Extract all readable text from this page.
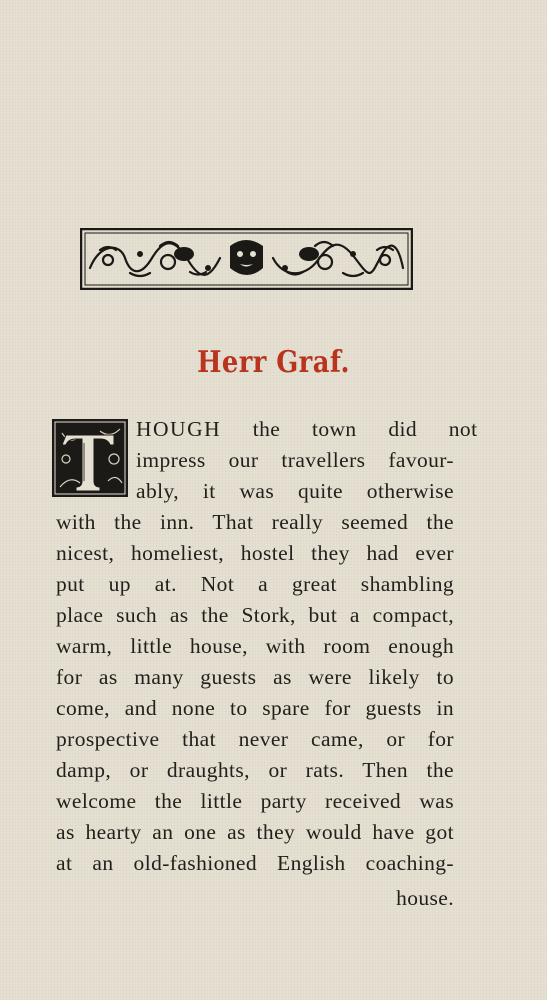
Herr Graf.
T	HOUGH the town did not
impress our travellers favour-
ably, it was quite otherwise
with the inn. That really seemed the
nicest, homeliest, hostel they had ever
put up at. Not a great shambling
place such as the Stork, but a compact,
warm, little house, with room enough
for as many guests as were likely to
come, and none to spare for guests in
prospective that never came, or for
damp, or draughts, or rats. Then the
welcome the little party received was
as hearty an one as they would have got
at an old-fashioned English coaching-
house.
